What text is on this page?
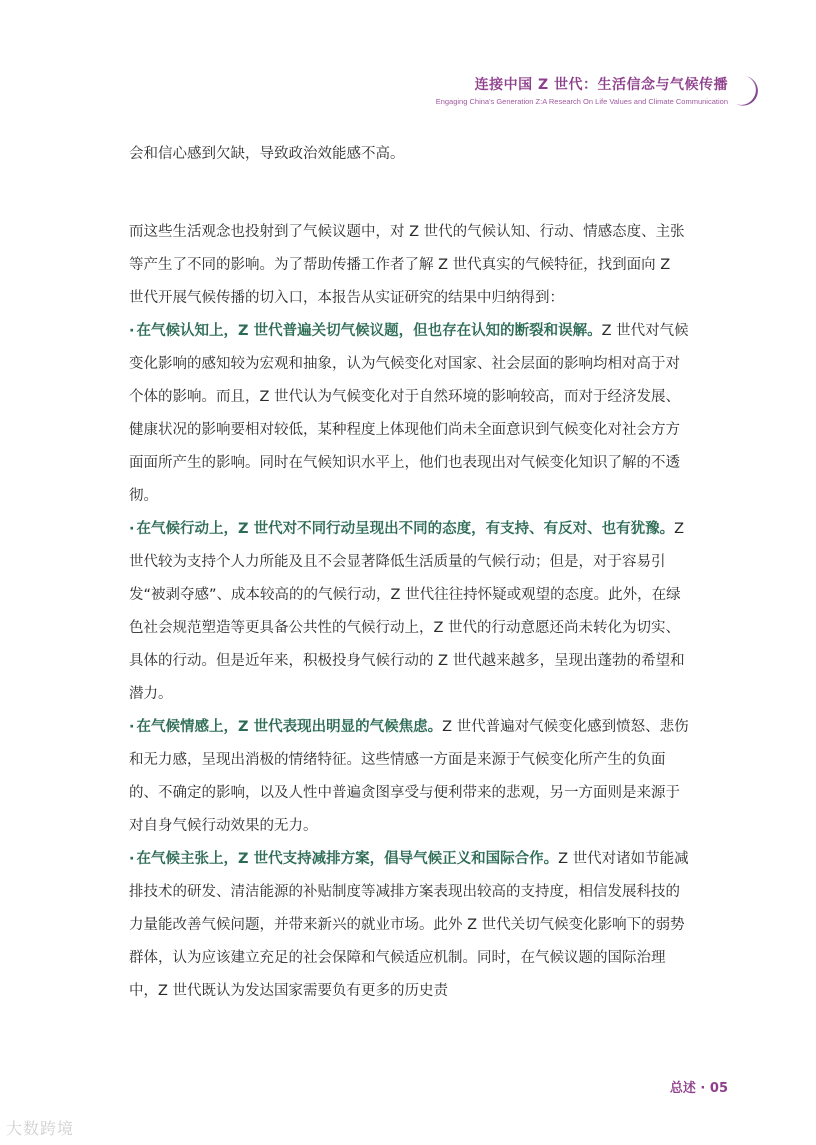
连接中国 Z 世代：生活信念与气候传播
Engaging China's Generation Z:A Research On Life Values and Climate Communication

会和信心感到欠缺，导致政治效能感不高。

而这些生活观念也投射到了气候议题中，对 Z 世代的气候认知、行动、情感态度、主张等产生了不同的影响。为了帮助传播工作者了解 Z 世代真实的气候特征，找到面向 Z 世代开展气候传播的切入口，本报告从实证研究的结果中归纳得到：

· 在气候认知上，Z 世代普遍关切气候议题，但也存在认知的断裂和误解。Z 世代对气候变化影响的感知较为宏观和抽象，认为气候变化对国家、社会层面的影响均相对高于对个体的影响。而且，Z 世代认为气候变化对于自然环境的影响较高，而对于经济发展、健康状况的影响要相对较低，某种程度上体现他们尚未全面意识到气候变化对社会方方面面所产生的影响。同时在气候知识水平上，他们也表现出对气候变化知识了解的不透彻。

· 在气候行动上，Z 世代对不同行动呈现出不同的态度，有支持、有反对、也有犹豫。Z 世代较为支持个人力所能及且不会显著降低生活质量的气候行动；但是，对于容易引发“被剥夺感”、成本较高的的气候行动，Z 世代往往持怀疑或观望的态度。此外，在绿色社会规范塑造等更具备公共性的气候行动上，Z 世代的行动意愿还尚未转化为切实、具体的行动。但是近年来，积极投身气候行动的 Z 世代越来越多，呈现出蓬勃的希望和潜力。

· 在气候情感上，Z 世代表现出明显的气候焦虑。Z 世代普遍对气候变化感到愤怒、悲伤和无力感，呈现出消极的情绪特征。这些情感一方面是来源于气候变化所产生的负面的、不确定的影响，以及人性中普遍贪图享受与便利带来的悲观，另一方面则是来源于对自身气候行动效果的无力。

· 在气候主张上，Z 世代支持减排方案，倡导气候正义和国际合作。Z 世代对诸如节能减排技术的研发、清洁能源的补贴制度等减排方案表现出较高的支持度，相信发展科技的力量能改善气候问题，并带来新兴的就业市场。此外 Z 世代关切气候变化影响下的弱势群体，认为应该建立充足的社会保障和气候适应机制。同时，在气候议题的国际治理中，Z 世代既认为发达国家需要负有更多的历史责

总述 · 05
大数跨境
